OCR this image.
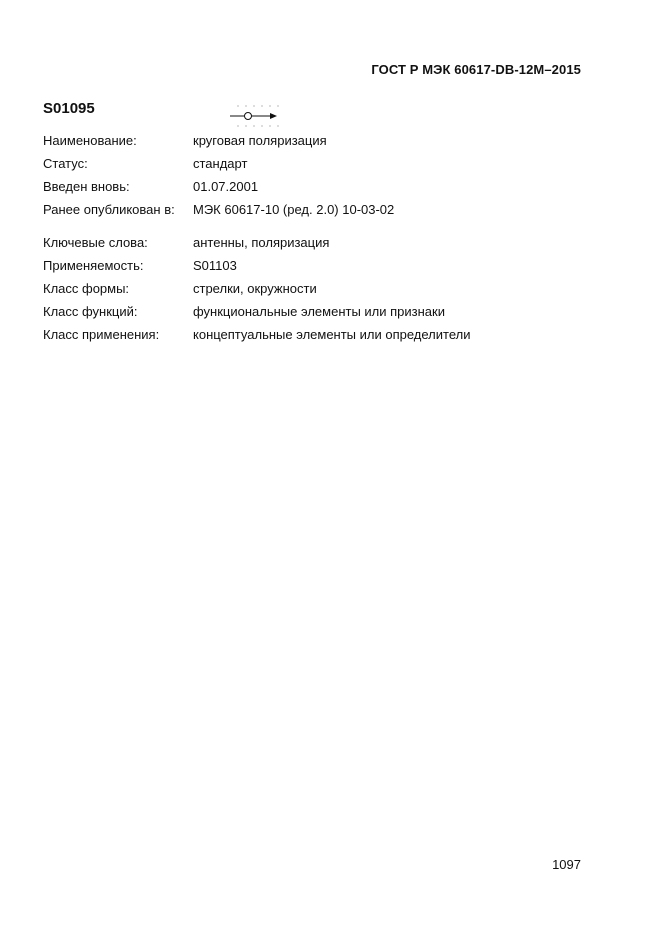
ГОСТ Р МЭК 60617-DB-12M–2015
S01095
Наименование:	круговая поляризация
Статус:	стандарт
Введен вновь:	01.07.2001
Ранее опубликован в: МЭК 60617-10 (ред. 2.0) 10-03-02
Ключевые слова:	антенны, поляризация
Применяемость:	S01103
Класс формы:	стрелки, окружности
Класс функций:	функциональные элементы или признаки
Класс применения:	концептуальные элементы или определители
1097
